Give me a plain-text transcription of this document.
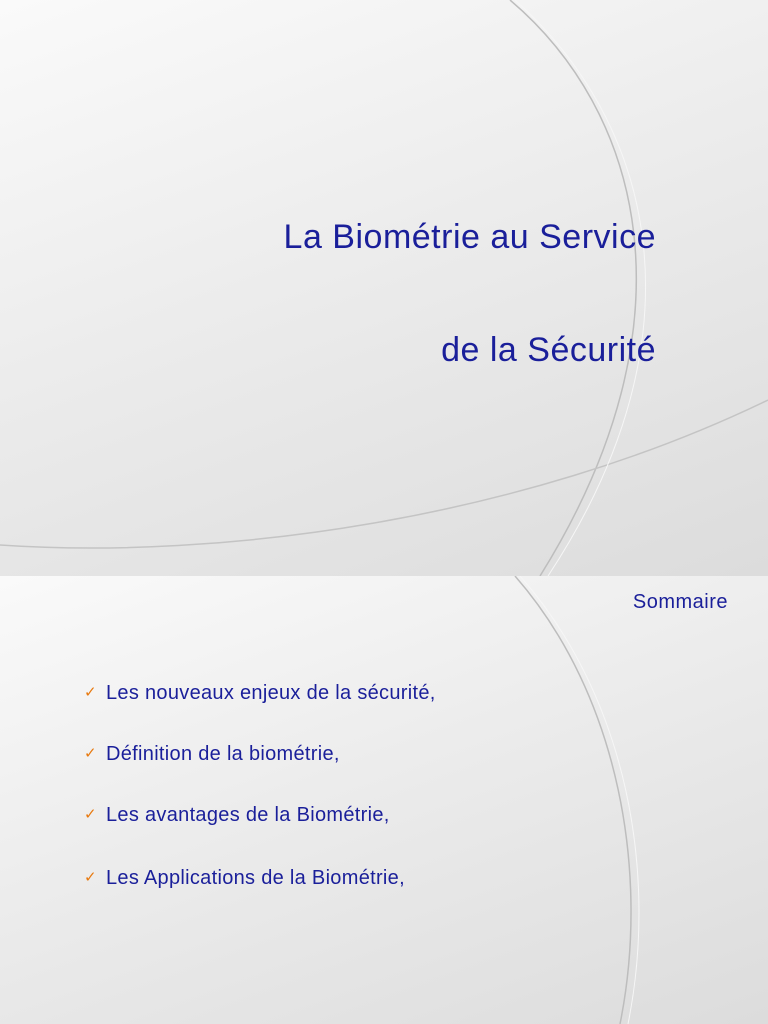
La Biométrie au Service
de la Sécurité
Sommaire
✓ Les nouveaux enjeux de la sécurité,
✓ Définition de la biométrie,
✓ Les avantages de la Biométrie,
✓ Les Applications de la Biométrie,
